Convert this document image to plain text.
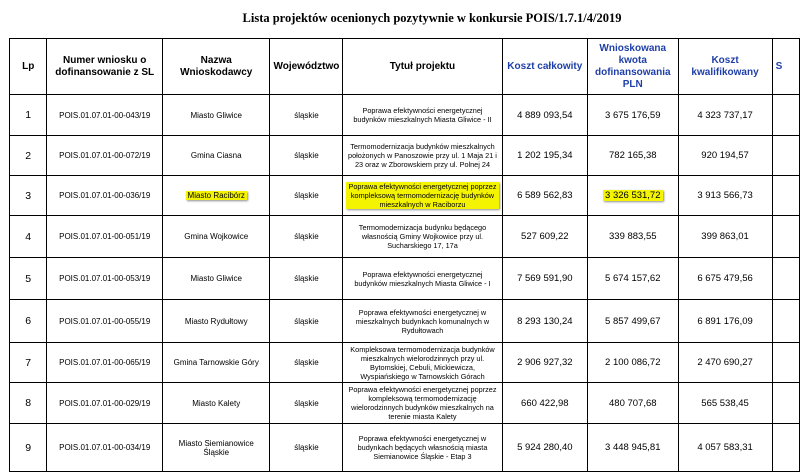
Lista projektów ocenionych pozytywnie w konkursie POIS/1.7.1/4/2019
Lp	Numer wniosku o dofinansowanie z SL	Nazwa Wnioskodawcy	Województwo	Tytuł projektu	Koszt całkowity	Wnioskowana kwota dofinansowania PLN	Koszt kwalifikowany	S
1	POIS.01.07.01-00-043/19	Miasto Gliwice	śląskie	Poprawa efektywności energetycznej budynków mieszkalnych Miasta Gliwice - II	4 889 093,54	3 675 176,59	4 323 737,17	
2	POIS.01.07.01-00-072/19	Gmina Ciasna	śląskie	Termomodernizacja budynków mieszkalnych położonych w Panoszowie przy ul. 1 Maja 21 i 23 oraz w Zborowskiem przy ul. Polnej 24	1 202 195,34	782 165,38	920 194,57	
3	POIS.01.07.01-00-036/19	Miasto Racibórz	śląskie	Poprawa efektywności energetycznej poprzez kompleksową termomodernizację budynków mieszkalnych w Raciborzu	6 589 562,83	3 326 531,72	3 913 566,73	
4	POIS.01.07.01-00-051/19	Gmina Wojkowice	śląskie	Termomodernizacja budynku będącego własnością Gminy Wojkowice przy ul. Sucharskiego 17, 17a	527 609,22	339 883,55	399 863,01	
5	POIS.01.07.01-00-053/19	Miasto Gliwice	śląskie	Poprawa efektywności energetycznej budynków mieszkalnych Miasta Gliwice - I	7 569 591,90	5 674 157,62	6 675 479,56	
6	POIS.01.07.01-00-055/19	Miasto Rydułtowy	śląskie	Poprawa efektywności energetycznej w mieszkalnych budynkach komunalnych w Rydułtowach	8 293 130,24	5 857 499,67	6 891 176,09	
7	POIS.01.07.01-00-065/19	Gmina Tarnowskie Góry	śląskie	Kompleksowa termomodernizacja budynków mieszkalnych wielorodzinnych przy ul. Bytomskiej, Cebuli, Mickiewicza, Wyspiańskiego w Tarnowskich Górach	2 906 927,32	2 100 086,72	2 470 690,27	
8	POIS.01.07.01-00-029/19	Miasto Kalety	śląskie	Poprawa efektywności energetycznej poprzez kompleksową termomodernizację wielorodzinnych budynków mieszkalnych na terenie miasta Kalety	660 422,98	480 707,68	565 538,45	
9	POIS.01.07.01-00-034/19	Miasto Siemianowice Śląskie	śląskie	Poprawa efektywności energetycznej w budynkach będących własnością miasta Siemianowice Śląskie - Etap 3	5 924 280,40	3 448 945,81	4 057 583,31	
